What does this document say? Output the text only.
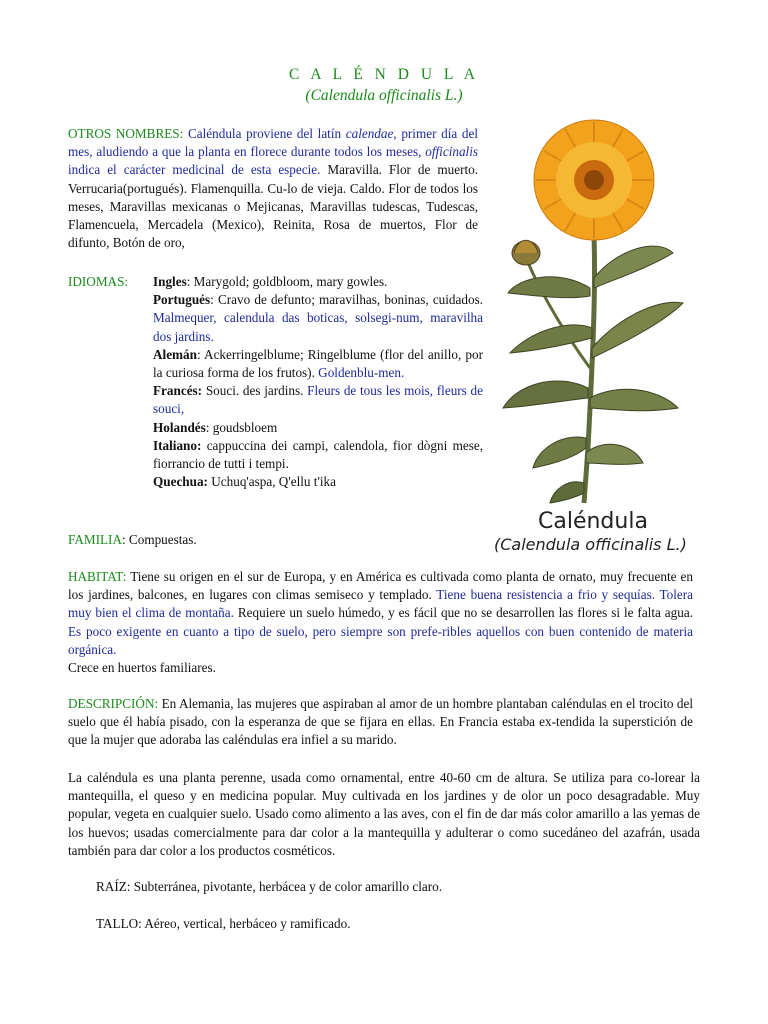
C A L É N D U L A
(Calendula officinalis L.)
OTROS NOMBRES: Caléndula proviene del latín calendae, primer día del mes, aludiendo a que la planta en florece durante todos los meses, officinalis indica el carácter medicinal de esta especie. Maravilla. Flor de muerto. Verrucaria(portugués). Flamenquilla. Cu-lo de vieja. Caldo. Flor de todos los meses, Maravillas mexicanas o Mejicanas, Maravillas tudescas, Tudescas, Flamencuela, Mercadela (Mexico), Reinita, Rosa de muertos, Flor de difunto, Botón de oro,
IDIOMAS: Ingles: Marygold; goldbloom, mary gowles.

Portugués: Cravo de defunto; maravilhas, boninas, cuidados. Malmequer, calendula das boticas, solsegi-num, maravilha dos jardins.

Alemán: Ackerringelblume; Ringelblume (flor del anillo, por la curiosa forma de los frutos). Goldenblu-men.

Francés: Souci. des jardins. Fleurs de tous les mois, fleurs de souci,

Holandés: goudsbloem

Italiano: cappuccina dei campi, calendola, fior dògni mese, fiorrancio de tutti i tempi.

Quechua: Uchuq'aspa, Q'ellu t'ika

FAMILIA: Compuestas.
HABITAT: Tiene su origen en el sur de Europa, y en América es cultivada como planta de ornato, muy frecuente en los jardines, balcones, en lugares con climas semiseco y templado. Tiene buena resistencia a frio y sequías. Tolera muy bien el clima de montaña. Requiere un suelo húmedo, y es fácil que no se desarrollen las flores si le falta agua. Es poco exigente en cuanto a tipo de suelo, pero siempre son prefe-ribles aquellos con buen contenido de materia orgánica.
Crece en huertos familiares.
DESCRIPCIÓN: En Alemania, las mujeres que aspiraban al amor de un hombre plantaban caléndulas en el trocito del suelo que él había pisado, con la esperanza de que se fijara en ellas. En Francia estaba ex-tendida la superstición de que la mujer que adoraba las caléndulas era infiel a su marido.
La caléndula es una planta perenne, usada como ornamental, entre 40-60 cm de altura. Se utiliza para co-lorear la mantequilla, el queso y en medicina popular. Muy cultivada en los jardines y de olor un poco desagradable. Muy popular, vegeta en cualquier suelo. Usado como alimento a las aves, con el fin de dar más color amarillo a las yemas de los huevos; usadas comercialmente para dar color a la mantequilla y adulterar o como sucedáneo del azafrán, usada también para dar color a los productos cosméticos.
RAÍZ: Subterránea, pivotante, herbácea y de color amarillo claro.
TALLO: Aéreo, vertical, herbáceo y ramificado.
Caléndula
(Calendula officinalis L.)
